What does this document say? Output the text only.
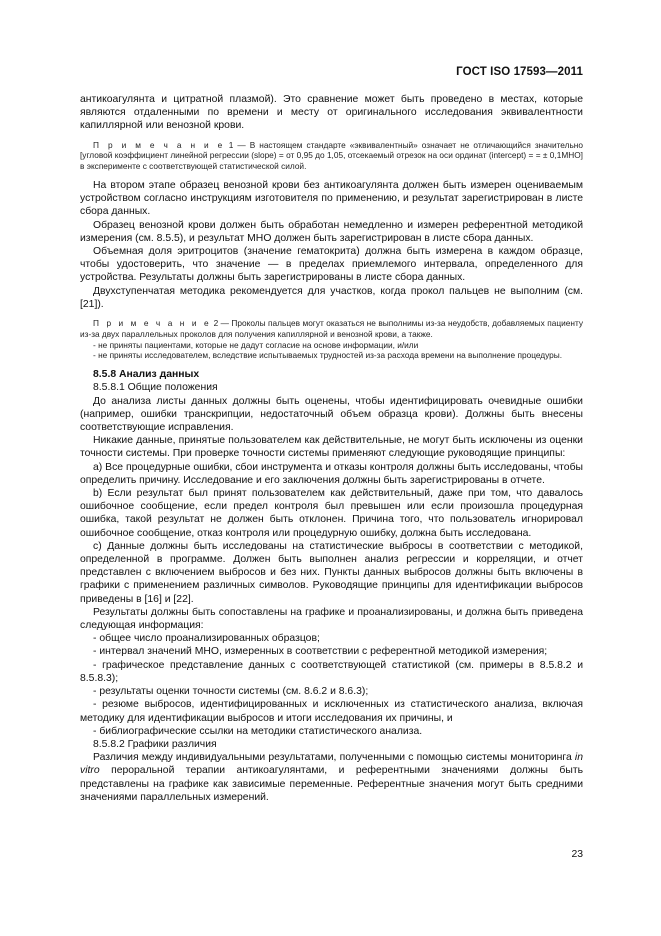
ГОСТ ISO 17593—2011

антикоагулянта и цитратной плазмой). Это сравнение может быть проведено в местах, которые являются отдаленными по времени и месту от оригинального исследования эквивалентности капиллярной или венозной крови.

П р и м е ч а н и е 1 — В настоящем стандарте «эквивалентный» означает не отличающийся значительно [угловой коэффициент линейной регрессии (slope) = от 0,95 до 1,05, отсекаемый отрезок на оси ординат (intercept) = = ± 0,1МНО] в эксперименте с соответствующей статистической силой.

На втором этапе образец венозной крови без антикоагулянта должен быть измерен оцениваемым устройством согласно инструкциям изготовителя по применению, и результат зарегистрирован в листе сбора данных.

Образец венозной крови должен быть обработан немедленно и измерен референтной методикой измерения (см. 8.5.5), и результат МНО должен быть зарегистрирован в листе сбора данных.

Объемная доля эритроцитов (значение гематокрита) должна быть измерена в каждом образце, чтобы удостоверить, что значение — в пределах приемлемого интервала, определенного для устройства. Результаты должны быть зарегистрированы в листе сбора данных.

Двухступенчатая методика рекомендуется для участков, когда прокол пальцев не выполним (см. [21]).

П р и м е ч а н и е 2 — Проколы пальцев могут оказаться не выполнимы из-за неудобств, добавляемых пациенту из-за двух параллельных проколов для получения капиллярной и венозной крови, а также.

- не приняты пациентами, которые не дадут согласие на основе информации, и/или

- не приняты исследователем, вследствие испытываемых трудностей из-за расхода времени на выполнение процедуры.

8.5.8 Анализ данных

8.5.8.1 Общие положения

До анализа листы данных должны быть оценены, чтобы идентифицировать очевидные ошибки (например, ошибки транскрипции, недостаточный объем образца крови). Должны быть внесены соответствующие исправления.

Никакие данные, принятые пользователем как действительные, не могут быть исключены из оценки точности системы. При проверке точности системы применяют следующие руководящие принципы:

a) Все процедурные ошибки, сбои инструмента и отказы контроля должны быть исследованы, чтобы определить причину. Исследование и его заключения должны быть зарегистрированы в отчете.

b) Если результат был принят пользователем как действительный, даже при том, что давалось ошибочное сообщение, если предел контроля был превышен или если произошла процедурная ошибка, такой результат не должен быть отклонен. Причина того, что пользователь игнорировал ошибочное сообщение, отказ контроля или процедурную ошибку, должна быть исследована.

c) Данные должны быть исследованы на статистические выбросы в соответствии с методикой, определенной в программе. Должен быть выполнен анализ регрессии и корреляции, и отчет представлен с включением выбросов и без них. Пункты данных выбросов должны быть включены в графики с применением различных символов. Руководящие принципы для идентификации выбросов приведены в [16] и [22].

Результаты должны быть сопоставлены на графике и проанализированы, и должна быть приведена следующая информация:

- общее число проанализированных образцов;

- интервал значений МНО, измеренных в соответствии с референтной методикой измерения;

- графическое представление данных с соответствующей статистикой (см. примеры в 8.5.8.2 и 8.5.8.3);

- результаты оценки точности системы (см. 8.6.2 и 8.6.3);

- резюме выбросов, идентифицированных и исключенных из статистического анализа, включая методику для идентификации выбросов и итоги исследования их причины, и

- библиографические ссылки на методики статистического анализа.

8.5.8.2 Графики различия

Различия между индивидуальными результатами, полученными с помощью системы мониторинга in vitro пероральной терапии антикоагулянтами, и референтными значениями должны быть представлены на графике как зависимые переменные. Референтные значения могут быть средними значениями параллельных измерений.

23
